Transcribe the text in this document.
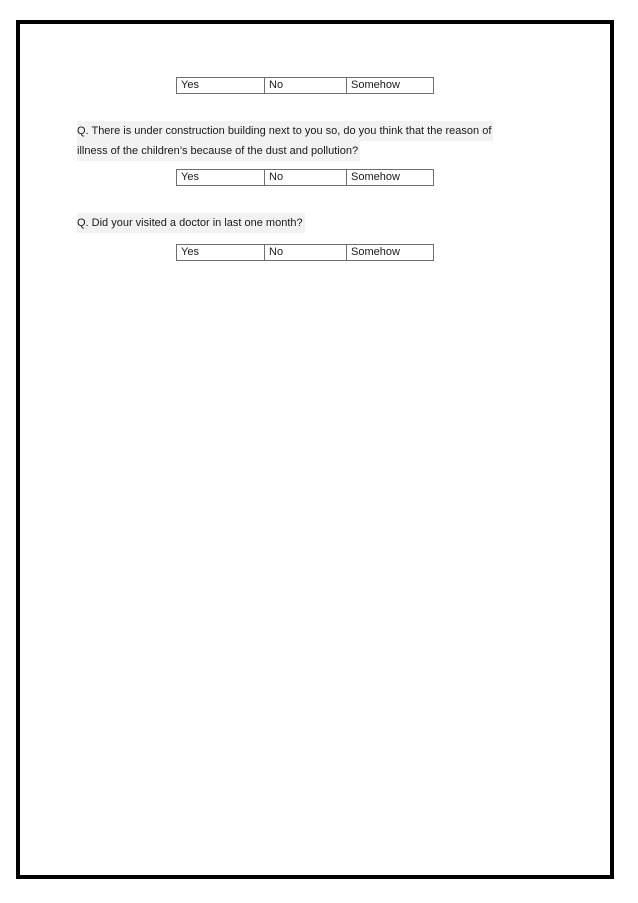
Yes	No	Somehow
Q. There is under construction building next to you so, do you think that the reason of
illness of the children’s because of the dust and pollution?
Yes	No	Somehow
Q. Did your visited a doctor in last one month?
Yes	No	Somehow
